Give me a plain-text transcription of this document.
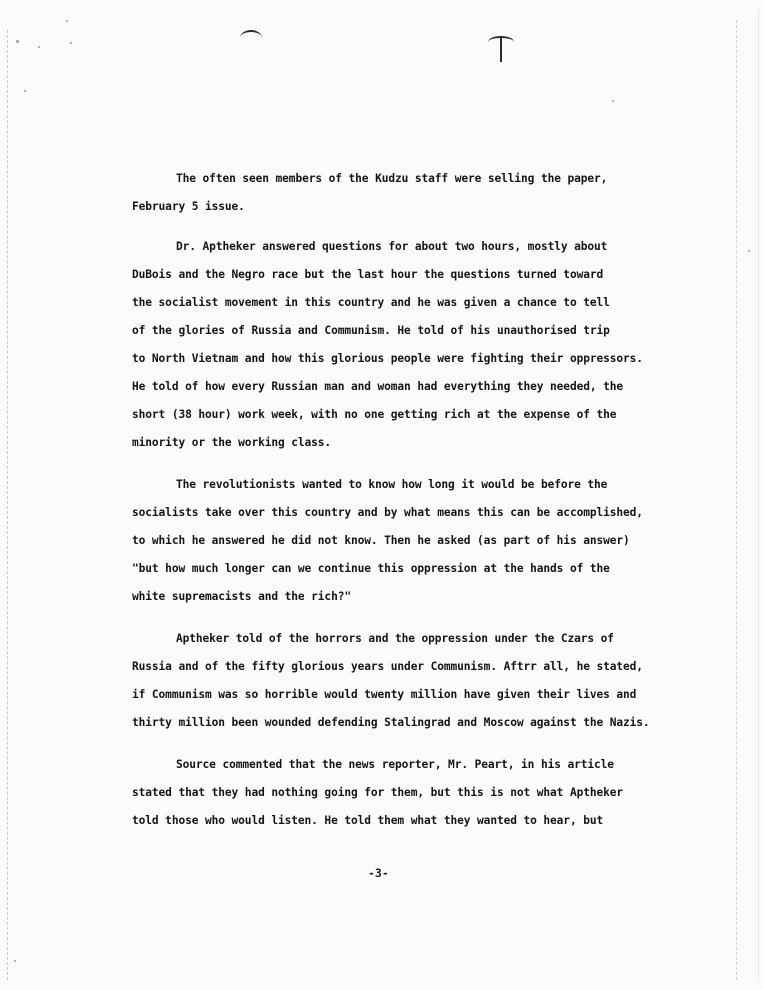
The often seen members of the Kudzu staff were selling the paper,
February 5 issue.
Dr. Aptheker answered questions for about two hours, mostly about
DuBois and the Negro race but the last hour the questions turned toward
the socialist movement in this country and he was given a chance to tell
of the glories of Russia and Communism. He told of his unauthorised trip
to North Vietnam and how this glorious people were fighting their oppressors.
He told of how every Russian man and woman had everything they needed, the
short (38 hour) work week, with no one getting rich at the expense of the
minority or the working class.
The revolutionists wanted to know how long it would be before the
socialists take over this country and by what means this can be accomplished,
to which he answered he did not know. Then he asked (as part of his answer)
"but how much longer can we continue this oppression at the hands of the
white supremacists and the rich?"
Aptheker told of the horrors and the oppression under the Czars of
Russia and of the fifty glorious years under Communism. Aftrr all, he stated,
if Communism was so horrible would twenty million have given their lives and
thirty million been wounded defending Stalingrad and Moscow against the Nazis.
Source commented that the news reporter, Mr. Peart, in his article
stated that they had nothing going for them, but this is not what Aptheker
told those who would listen. He told them what they wanted to hear, but
-3-
